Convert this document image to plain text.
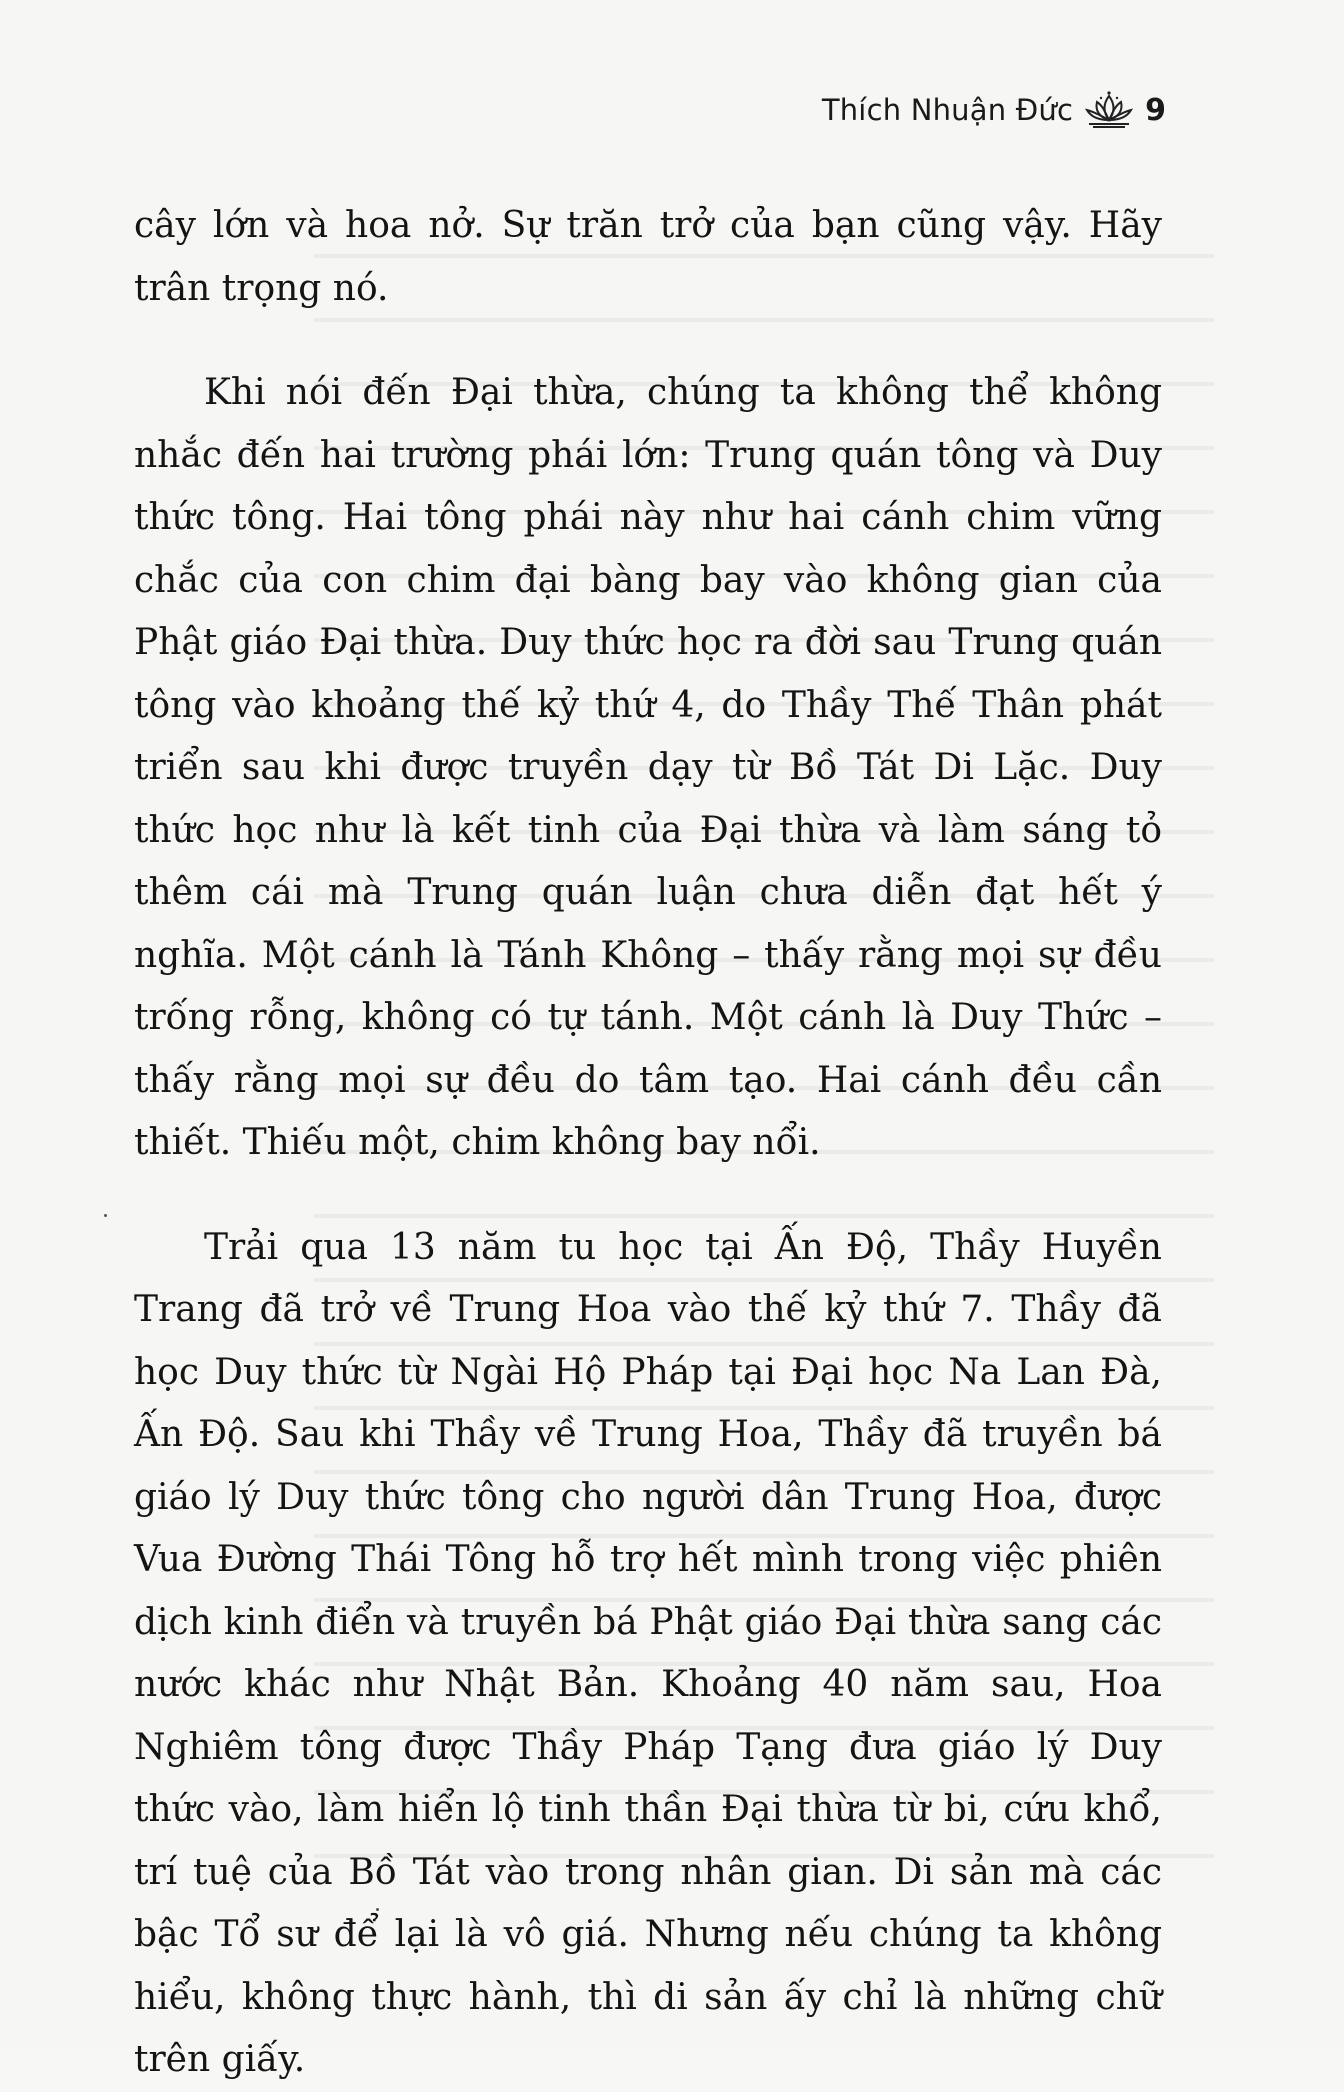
Thích Nhuận Đức 9

cây lớn và hoa nở. Sự trăn trở của bạn cũng vậy. Hãy trân trọng nó.

Khi nói đến Đại thừa, chúng ta không thể không nhắc đến hai trường phái lớn: Trung quán tông và Duy thức tông. Hai tông phái này như hai cánh chim vững chắc của con chim đại bàng bay vào không gian của Phật giáo Đại thừa. Duy thức học ra đời sau Trung quán tông vào khoảng thế kỷ thứ 4, do Thầy Thế Thân phát triển sau khi được truyền dạy từ Bồ Tát Di Lặc. Duy thức học như là kết tinh của Đại thừa và làm sáng tỏ thêm cái mà Trung quán luận chưa diễn đạt hết ý nghĩa. Một cánh là Tánh Không – thấy rằng mọi sự đều trống rỗng, không có tự tánh. Một cánh là Duy Thức – thấy rằng mọi sự đều do tâm tạo. Hai cánh đều cần thiết. Thiếu một, chim không bay nổi.

Trải qua 13 năm tu học tại Ấn Độ, Thầy Huyền Trang đã trở về Trung Hoa vào thế kỷ thứ 7. Thầy đã học Duy thức từ Ngài Hộ Pháp tại Đại học Na Lan Đà, Ấn Độ. Sau khi Thầy về Trung Hoa, Thầy đã truyền bá giáo lý Duy thức tông cho người dân Trung Hoa, được Vua Đường Thái Tông hỗ trợ hết mình trong việc phiên dịch kinh điển và truyền bá Phật giáo Đại thừa sang các nước khác như Nhật Bản. Khoảng 40 năm sau, Hoa Nghiêm tông được Thầy Pháp Tạng đưa giáo lý Duy thức vào, làm hiển lộ tinh thần Đại thừa từ bi, cứu khổ, trí tuệ của Bồ Tát vào trong nhân gian. Di sản mà các bậc Tổ sư để lại là vô giá. Nhưng nếu chúng ta không hiểu, không thực hành, thì di sản ấy chỉ là những chữ trên giấy.
